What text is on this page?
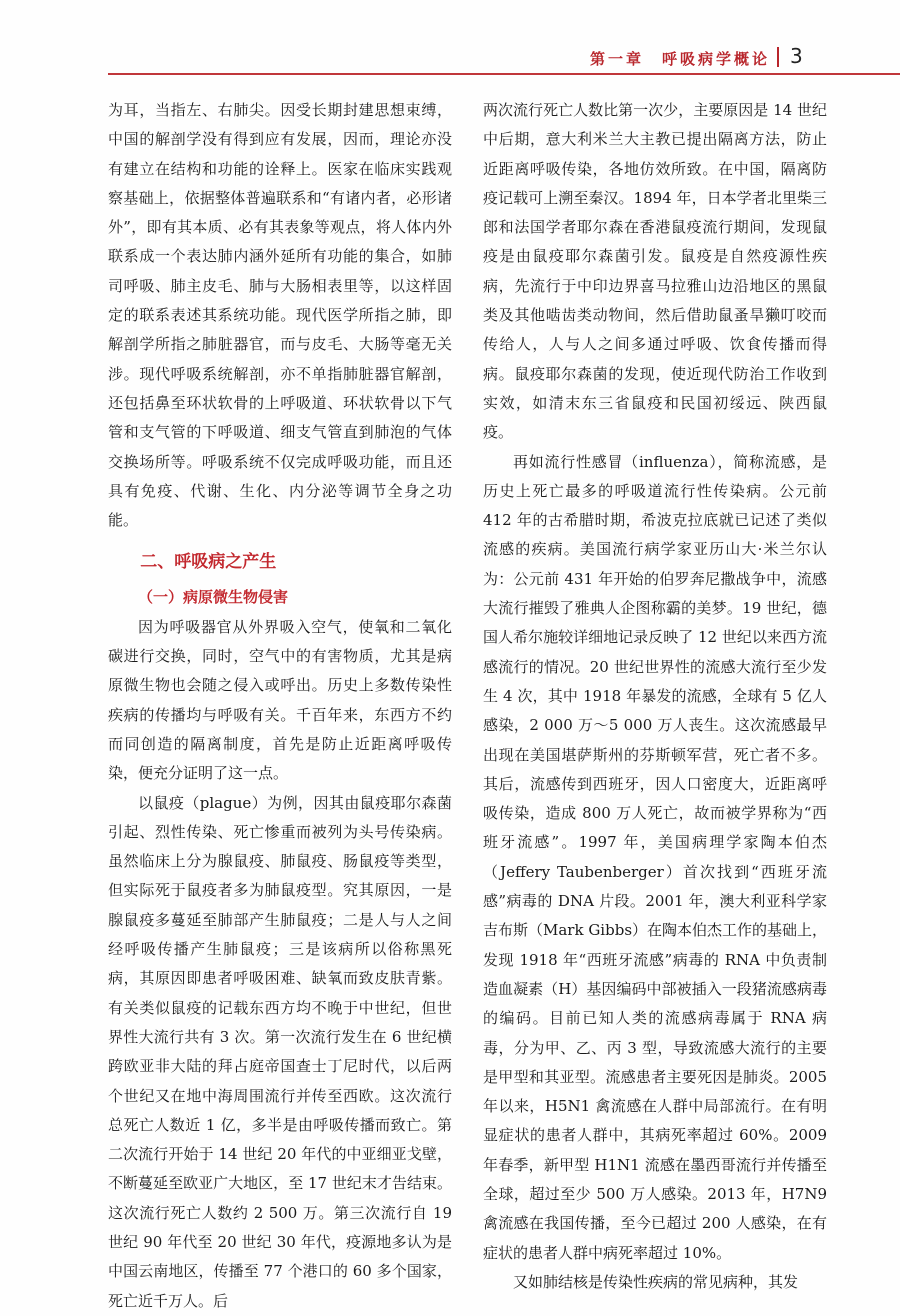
第一章　呼吸病学概论 3

为耳，当指左、右肺尖。因受长期封建思想束缚，中国的解剖学没有得到应有发展，因而，理论亦没有建立在结构和功能的诠释上。医家在临床实践观察基础上，依据整体普遍联系和“有诸内者，必形诸外”，即有其本质、必有其表象等观点，将人体内外联系成一个表达肺内涵外延所有功能的集合，如肺司呼吸、肺主皮毛、肺与大肠相表里等，以这样固定的联系表述其系统功能。现代医学所指之肺，即解剖学所指之肺脏器官，而与皮毛、大肠等毫无关涉。现代呼吸系统解剖，亦不单指肺脏器官解剖，还包括鼻至环状软骨的上呼吸道、环状软骨以下气管和支气管的下呼吸道、细支气管直到肺泡的气体交换场所等。呼吸系统不仅完成呼吸功能，而且还具有免疫、代谢、生化、内分泌等调节全身之功能。

二、呼吸病之产生
（一）病原微生物侵害

因为呼吸器官从外界吸入空气，使氧和二氧化碳进行交换，同时，空气中的有害物质，尤其是病原微生物也会随之侵入或呼出。历史上多数传染性疾病的传播均与呼吸有关。千百年来，东西方不约而同创造的隔离制度，首先是防止近距离呼吸传染，便充分证明了这一点。

以鼠疫（plague）为例，因其由鼠疫耶尔森菌引起、烈性传染、死亡惨重而被列为头号传染病。虽然临床上分为腺鼠疫、肺鼠疫、肠鼠疫等类型，但实际死于鼠疫者多为肺鼠疫型。究其原因，一是腺鼠疫多蔓延至肺部产生肺鼠疫；二是人与人之间经呼吸传播产生肺鼠疫；三是该病所以俗称黑死病，其原因即患者呼吸困难、缺氧而致皮肤青紫。有关类似鼠疫的记载东西方均不晚于中世纪，但世界性大流行共有 3 次。第一次流行发生在 6 世纪横跨欧亚非大陆的拜占庭帝国查士丁尼时代，以后两个世纪又在地中海周围流行并传至西欧。这次流行总死亡人数近 1 亿，多半是由呼吸传播而致亡。第二次流行开始于 14 世纪 20 年代的中亚细亚戈壁，不断蔓延至欧亚广大地区，至 17 世纪末才告结束。这次流行死亡人数约 2 500 万。第三次流行自 19 世纪 90 年代至 20 世纪 30 年代，疫源地多认为是中国云南地区，传播至 77 个港口的 60 多个国家，死亡近千万人。后

两次流行死亡人数比第一次少，主要原因是 14 世纪中后期，意大利米兰大主教已提出隔离方法，防止近距离呼吸传染，各地仿效所致。在中国，隔离防疫记载可上溯至秦汉。1894 年，日本学者北里柴三郎和法国学者耶尔森在香港鼠疫流行期间，发现鼠疫是由鼠疫耶尔森菌引发。鼠疫是自然疫源性疾病，先流行于中印边界喜马拉雅山边沿地区的黑鼠类及其他啮齿类动物间，然后借助鼠蚤旱獭叮咬而传给人，人与人之间多通过呼吸、饮食传播而得病。鼠疫耶尔森菌的发现，使近现代防治工作收到实效，如清末东三省鼠疫和民国初绥远、陕西鼠疫。

再如流行性感冒（influenza），简称流感，是历史上死亡最多的呼吸道流行性传染病。公元前 412 年的古希腊时期，希波克拉底就已记述了类似流感的疾病。美国流行病学家亚历山大·米兰尔认为：公元前 431 年开始的伯罗奔尼撒战争中，流感大流行摧毁了雅典人企图称霸的美梦。19 世纪，德国人希尔施较详细地记录反映了 12 世纪以来西方流感流行的情况。20 世纪世界性的流感大流行至少发生 4 次，其中 1918 年暴发的流感，全球有 5 亿人感染，2 000 万～5 000 万人丧生。这次流感最早出现在美国堪萨斯州的芬斯顿军营，死亡者不多。其后，流感传到西班牙，因人口密度大，近距离呼吸传染，造成 800 万人死亡，故而被学界称为“西班牙流感”。1997 年，美国病理学家陶本伯杰（Jeffery Taubenberger）首次找到“西班牙流感”病毒的 DNA 片段。2001 年，澳大利亚科学家吉布斯（Mark Gibbs）在陶本伯杰工作的基础上，发现 1918 年“西班牙流感”病毒的 RNA 中负责制造血凝素（H）基因编码中部被插入一段猪流感病毒的编码。目前已知人类的流感病毒属于 RNA 病毒，分为甲、乙、丙 3 型，导致流感大流行的主要是甲型和其亚型。流感患者主要死因是肺炎。2005 年以来，H5N1 禽流感在人群中局部流行。在有明显症状的患者人群中，其病死率超过 60%。2009 年春季，新甲型 H1N1 流感在墨西哥流行并传播至全球，超过至少 500 万人感染。2013 年，H7N9 禽流感在我国传播，至今已超过 200 人感染，在有症状的患者人群中病死率超过 10%。

又如肺结核是传染性疾病的常见病种，其发
